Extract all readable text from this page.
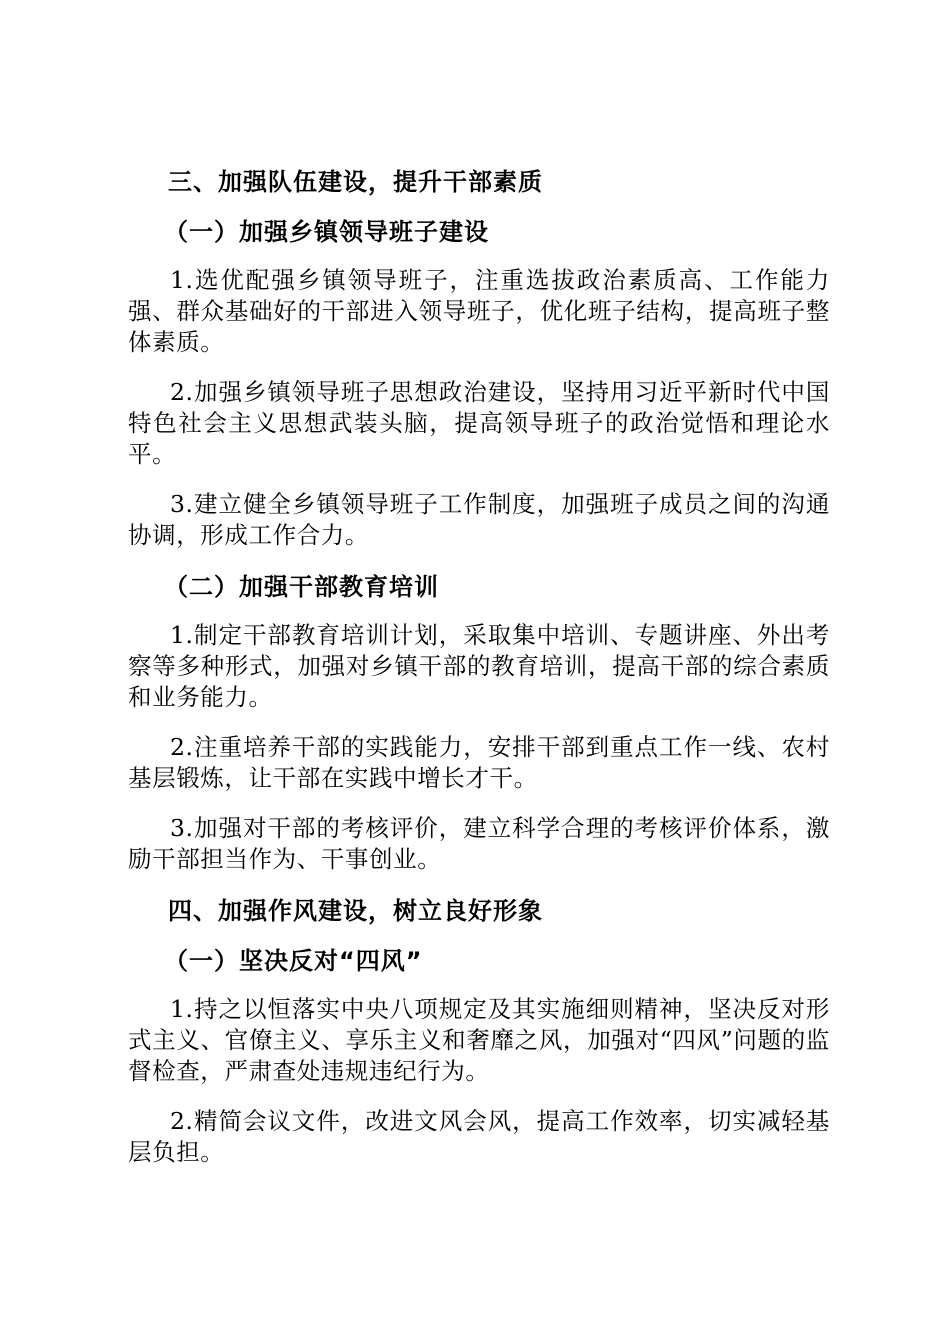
三、加强队伍建设，提升干部素质
（一）加强乡镇领导班子建设

1.选优配强乡镇领导班子，注重选拔政治素质高、工作能力强、群众基础好的干部进入领导班子，优化班子结构，提高班子整体素质。

2.加强乡镇领导班子思想政治建设，坚持用习近平新时代中国特色社会主义思想武装头脑，提高领导班子的政治觉悟和理论水平。

3.建立健全乡镇领导班子工作制度，加强班子成员之间的沟通协调，形成工作合力。

（二）加强干部教育培训

1.制定干部教育培训计划，采取集中培训、专题讲座、外出考察等多种形式，加强对乡镇干部的教育培训，提高干部的综合素质和业务能力。

2.注重培养干部的实践能力，安排干部到重点工作一线、农村基层锻炼，让干部在实践中增长才干。

3.加强对干部的考核评价，建立科学合理的考核评价体系，激励干部担当作为、干事创业。

四、加强作风建设，树立良好形象
（一）坚决反对“四风”

1.持之以恒落实中央八项规定及其实施细则精神，坚决反对形式主义、官僚主义、享乐主义和奢靡之风，加强对“四风”问题的监督检查，严肃查处违规违纪行为。

2.精简会议文件，改进文风会风，提高工作效率，切实减轻基层负担。
